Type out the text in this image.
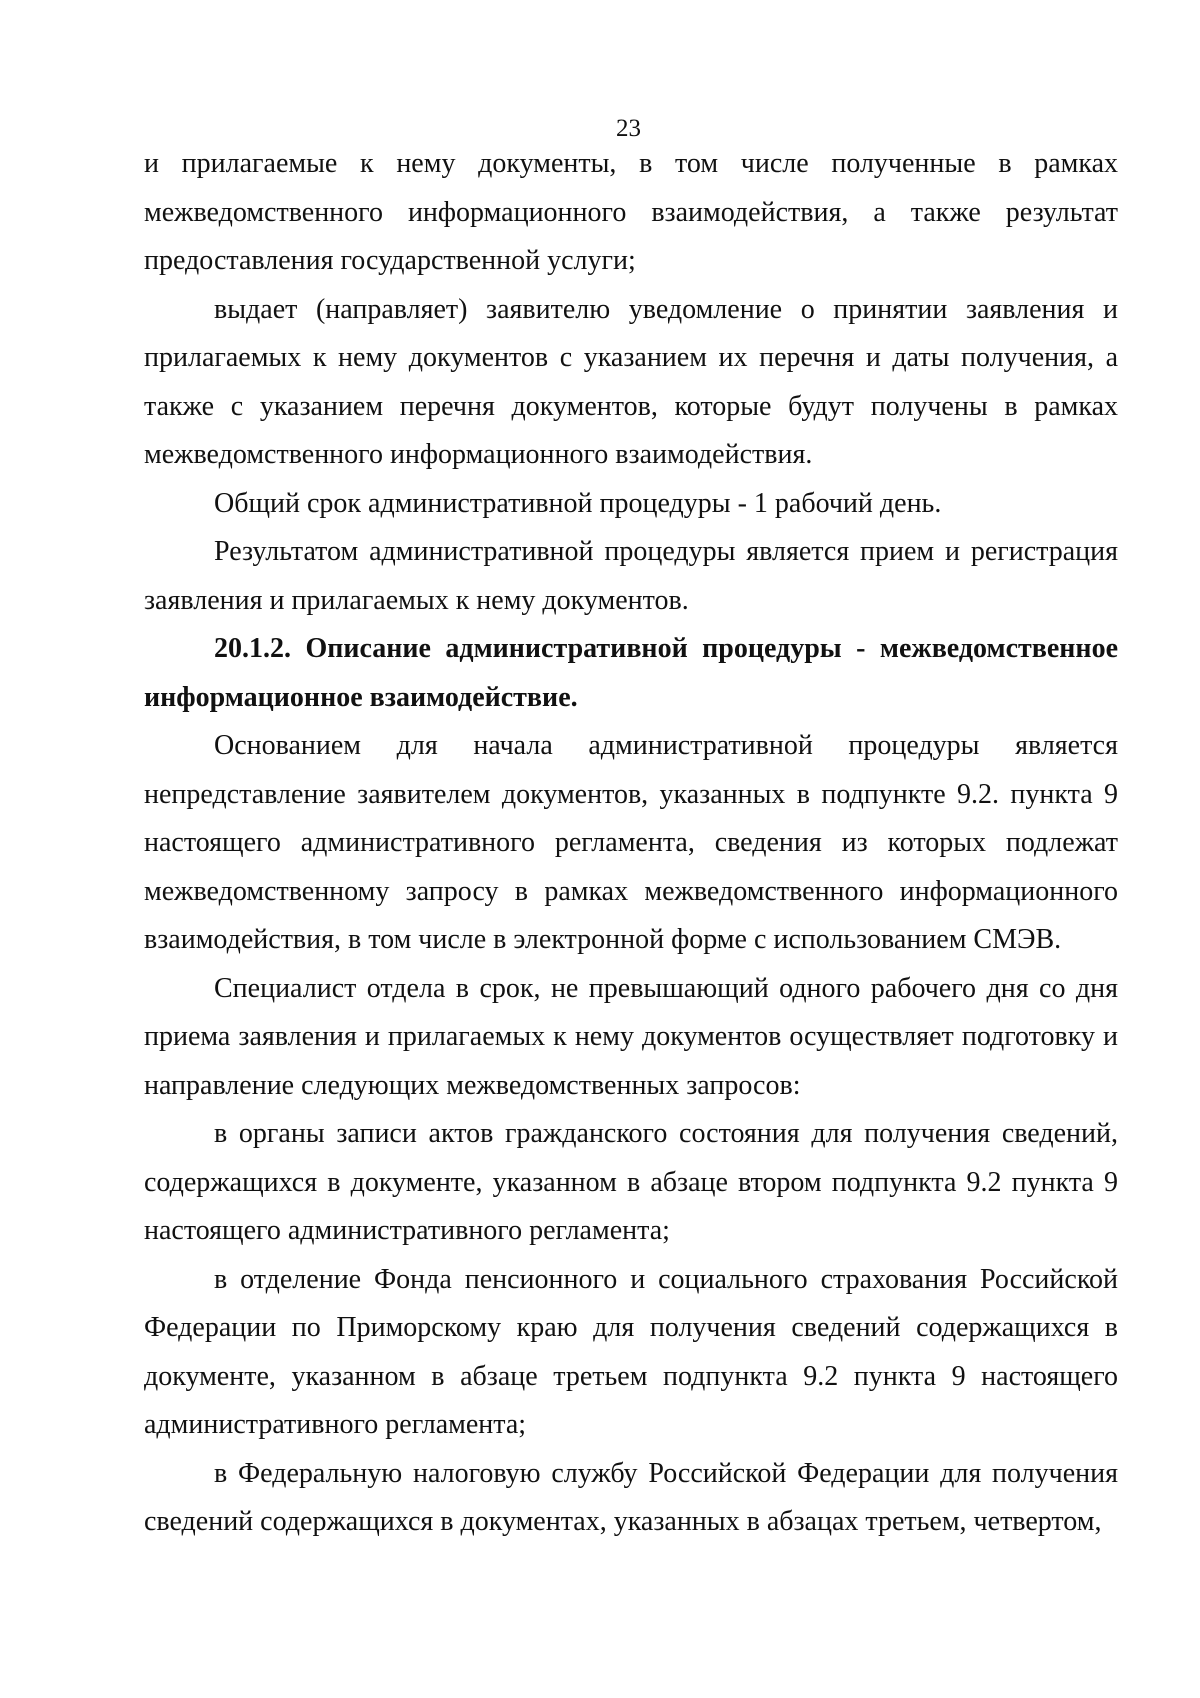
23

и прилагаемые к нему документы, в том числе полученные в рамках межведомственного информационного взаимодействия, а также результат предоставления государственной услуги;

выдает (направляет) заявителю уведомление о принятии заявления и прилагаемых к нему документов с указанием их перечня и даты получения, а также с указанием перечня документов, которые будут получены в рамках межведомственного информационного взаимодействия.

Общий срок административной процедуры - 1 рабочий день.

Результатом административной процедуры является прием и регистрация заявления и прилагаемых к нему документов.

20.1.2. Описание административной процедуры - межведомственное информационное взаимодействие.

Основанием для начала административной процедуры является непредставление заявителем документов, указанных в подпункте 9.2. пункта 9 настоящего административного регламента, сведения из которых подлежат межведомственному запросу в рамках межведомственного информационного взаимодействия, в том числе в электронной форме с использованием СМЭВ.

Специалист отдела в срок, не превышающий одного рабочего дня со дня приема заявления и прилагаемых к нему документов осуществляет подготовку и направление следующих межведомственных запросов:

в органы записи актов гражданского состояния для получения сведений, содержащихся в документе, указанном в абзаце втором подпункта 9.2 пункта 9 настоящего административного регламента;

в отделение Фонда пенсионного и социального страхования Российской Федерации по Приморскому краю для получения сведений содержащихся в документе, указанном в абзаце третьем подпункта 9.2 пункта 9 настоящего административного регламента;

в Федеральную налоговую службу Российской Федерации для получения сведений содержащихся в документах, указанных в абзацах третьем, четвертом,
